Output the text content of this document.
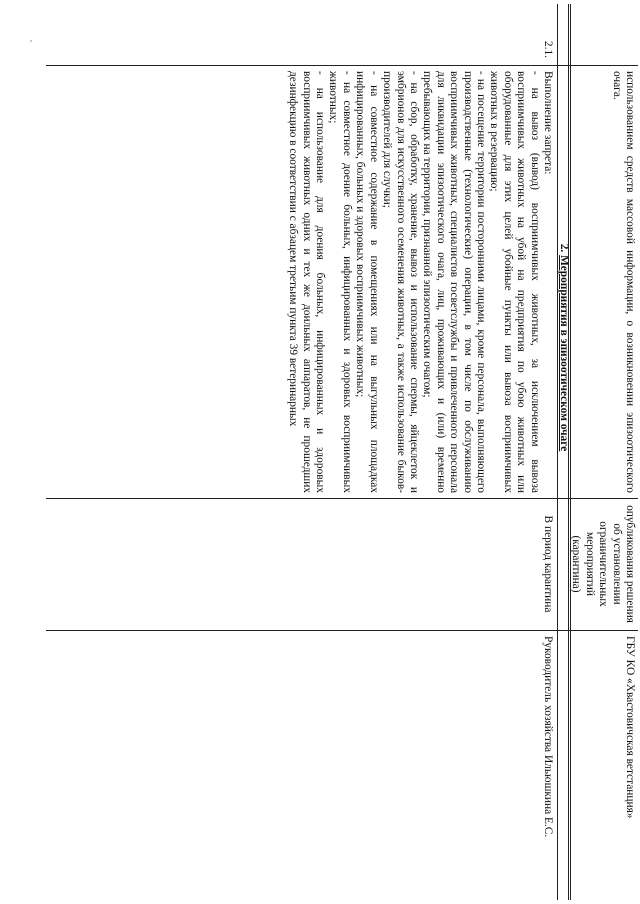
использованием средств массовой информации, о возникновении эпизоотического очага.
опубликования решения об установлении ограничительных мероприятий (карантина)
ГБУ КО «Хвастовичская ветстанция»
2. Мероприятия в эпизоотическом очаге
2.1.
Выполнение запрета:
- на вывоз (вывод) восприимчивых животных, за исключением вывоза восприимчивых животных на убой на предприятия по убою животных или оборудованные для этих целей убойные пункты или вывоза восприимчивых животных в резервацию;
- на посещение территории посторонними лицами, кроме персонала, выполняющего производственные (технологические) операции, в том числе по обслуживанию восприимчивых животных, специалистов госветслужбы и привлеченного персонала для ликвидации эпизоотического очага, лиц, проживающих и (или) временно пребывающих на территории, признанной эпизоотическим очагом;
- на сбор, обработку, хранение, вывоз и использование спермы, яйцеклеток и эмбрионов для искусственного осеменения животных, а также использование быков-производителей для случки;
- на совместное содержание в помещениях или на выгульных площадках инфицированных, больных и здоровых восприимчивых животных;
- на совместное доение больных, инфицированных и здоровых восприимчивых животных;
- на использование для доения больных, инфицированных и здоровых восприимчивых животных одних и тех же доильных аппаратов, не прошедших дезинфекцию в соответствии с абзацем третьим пункта 39 ветеринарных
В период карантина
Руководитель хозяйства Ильюшкина Е.С.
